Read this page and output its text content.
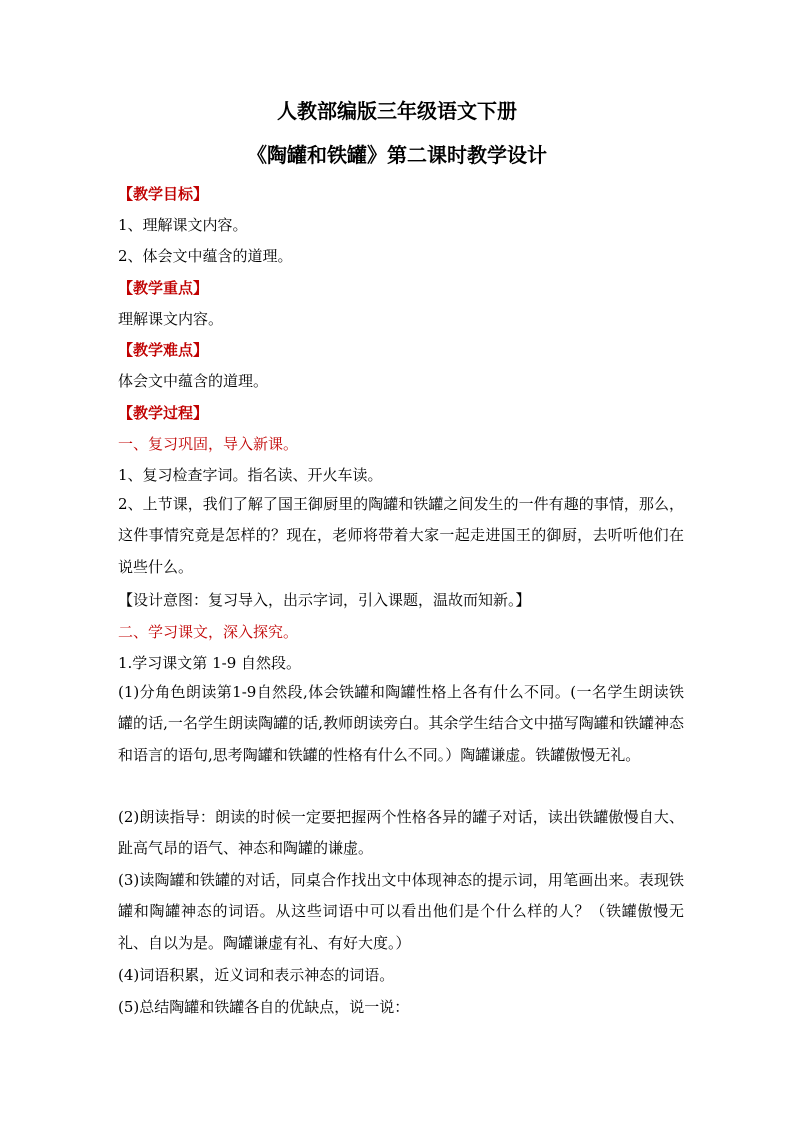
人教部编版三年级语文下册
《陶罐和铁罐》第二课时教学设计
【教学目标】
1、理解课文内容。
2、体会文中蕴含的道理。
【教学重点】
理解课文内容。
【教学难点】
体会文中蕴含的道理。
【教学过程】
一、复习巩固，导入新课。
1、复习检查字词。指名读、开火车读。
2、上节课，我们了解了国王御厨里的陶罐和铁罐之间发生的一件有趣的事情，那么，这件事情究竟是怎样的？现在，老师将带着大家一起走进国王的御厨，去听听他们在说些什么。
【设计意图：复习导入，出示字词，引入课题，温故而知新。】
二、学习课文，深入探究。
1.学习课文第 1-9 自然段。
(1)分角色朗读第1-9自然段,体会铁罐和陶罐性格上各有什么不同。(一名学生朗读铁罐的话,一名学生朗读陶罐的话,教师朗读旁白。其余学生结合文中描写陶罐和铁罐神态和语言的语句,思考陶罐和铁罐的性格有什么不同。）陶罐谦虚。铁罐傲慢无礼。
(2)朗读指导：朗读的时候一定要把握两个性格各异的罐子对话，读出铁罐傲慢自大、趾高气昂的语气、神态和陶罐的谦虚。
(3)读陶罐和铁罐的对话，同桌合作找出文中体现神态的提示词，用笔画出来。表现铁罐和陶罐神态的词语。从这些词语中可以看出他们是个什么样的人？（铁罐傲慢无礼、自以为是。陶罐谦虚有礼、有好大度。）
(4)词语积累，近义词和表示神态的词语。
(5)总结陶罐和铁罐各自的优缺点，说一说：
